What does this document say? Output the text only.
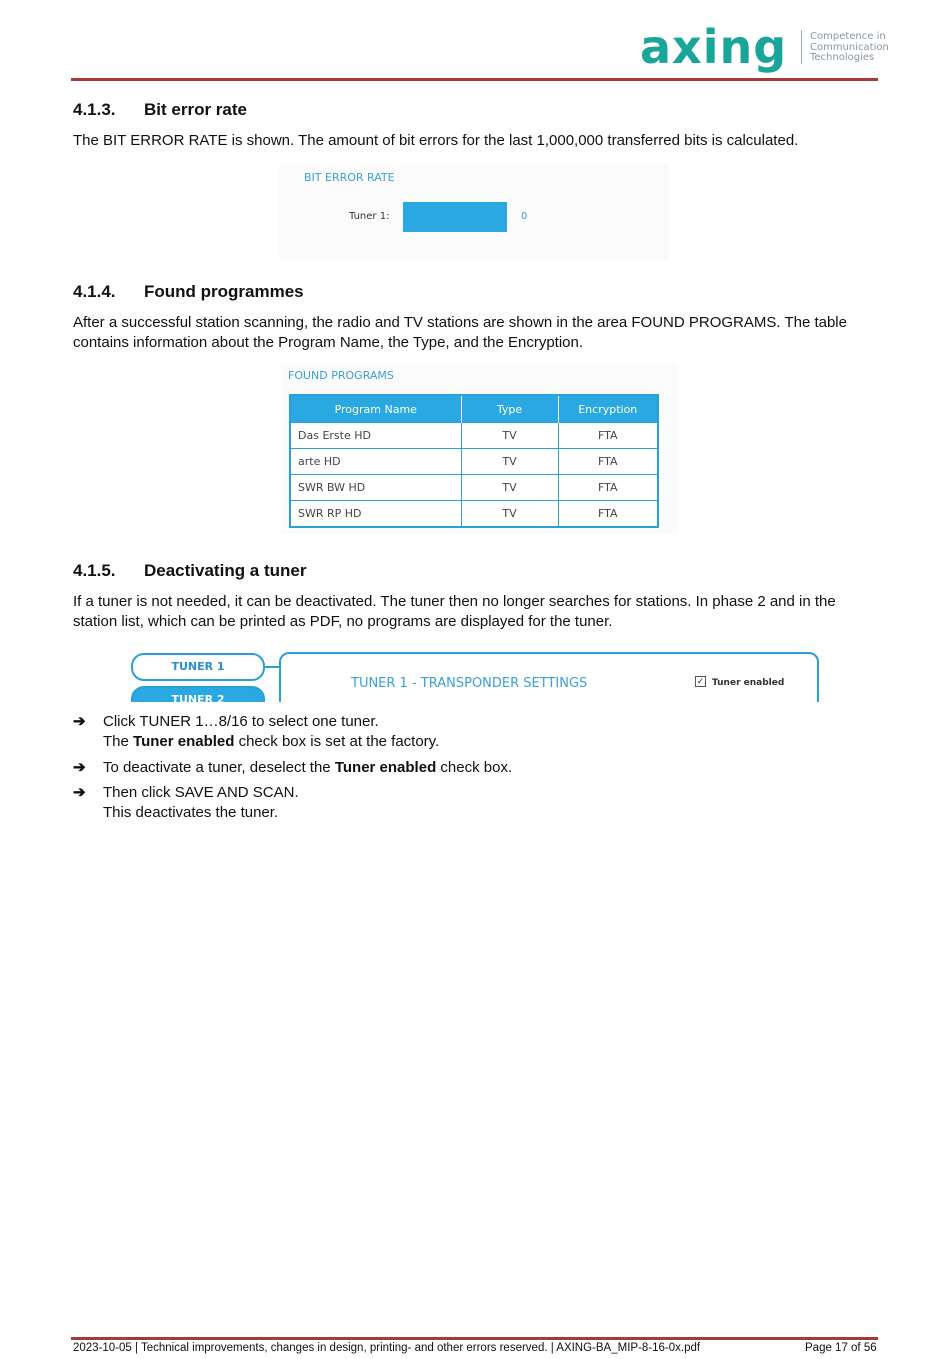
axing Competence in
Communication
Technologies
4.1.3. Bit error rate
The BIT ERROR RATE is shown. The amount of bit errors for the last 1,000,000 transferred bits is calculated.
BIT ERROR RATE
Tuner 1:	0
4.1.4. Found programmes
After a successful station scanning, the radio and TV stations are shown in the area FOUND PROGRAMS. The table contains information about the Program Name, the Type, and the Encryption.
FOUND PROGRAMS
Program Name	Type	Encryption
Das Erste HD	TV	FTA
arte HD	TV	FTA
SWR BW HD	TV	FTA
SWR RP HD	TV	FTA
4.1.5. Deactivating a tuner
If a tuner is not needed, it can be deactivated. The tuner then no longer searches for stations. In phase 2 and in the station list, which can be printed as PDF, no programs are displayed for the tuner.
TUNER 1
TUNER 2
TUNER 1 - TRANSPONDER SETTINGS	✓ Tuner enabled
➔ Click TUNER 1…8/16 to select one tuner.
The Tuner enabled check box is set at the factory.
➔ To deactivate a tuner, deselect the Tuner enabled check box.
➔ Then click SAVE AND SCAN.
This deactivates the tuner.
2023-10-05 | Technical improvements, changes in design, printing- and other errors reserved. | AXING-BA_MIP-8-16-0x.pdf	Page 17 of 56
